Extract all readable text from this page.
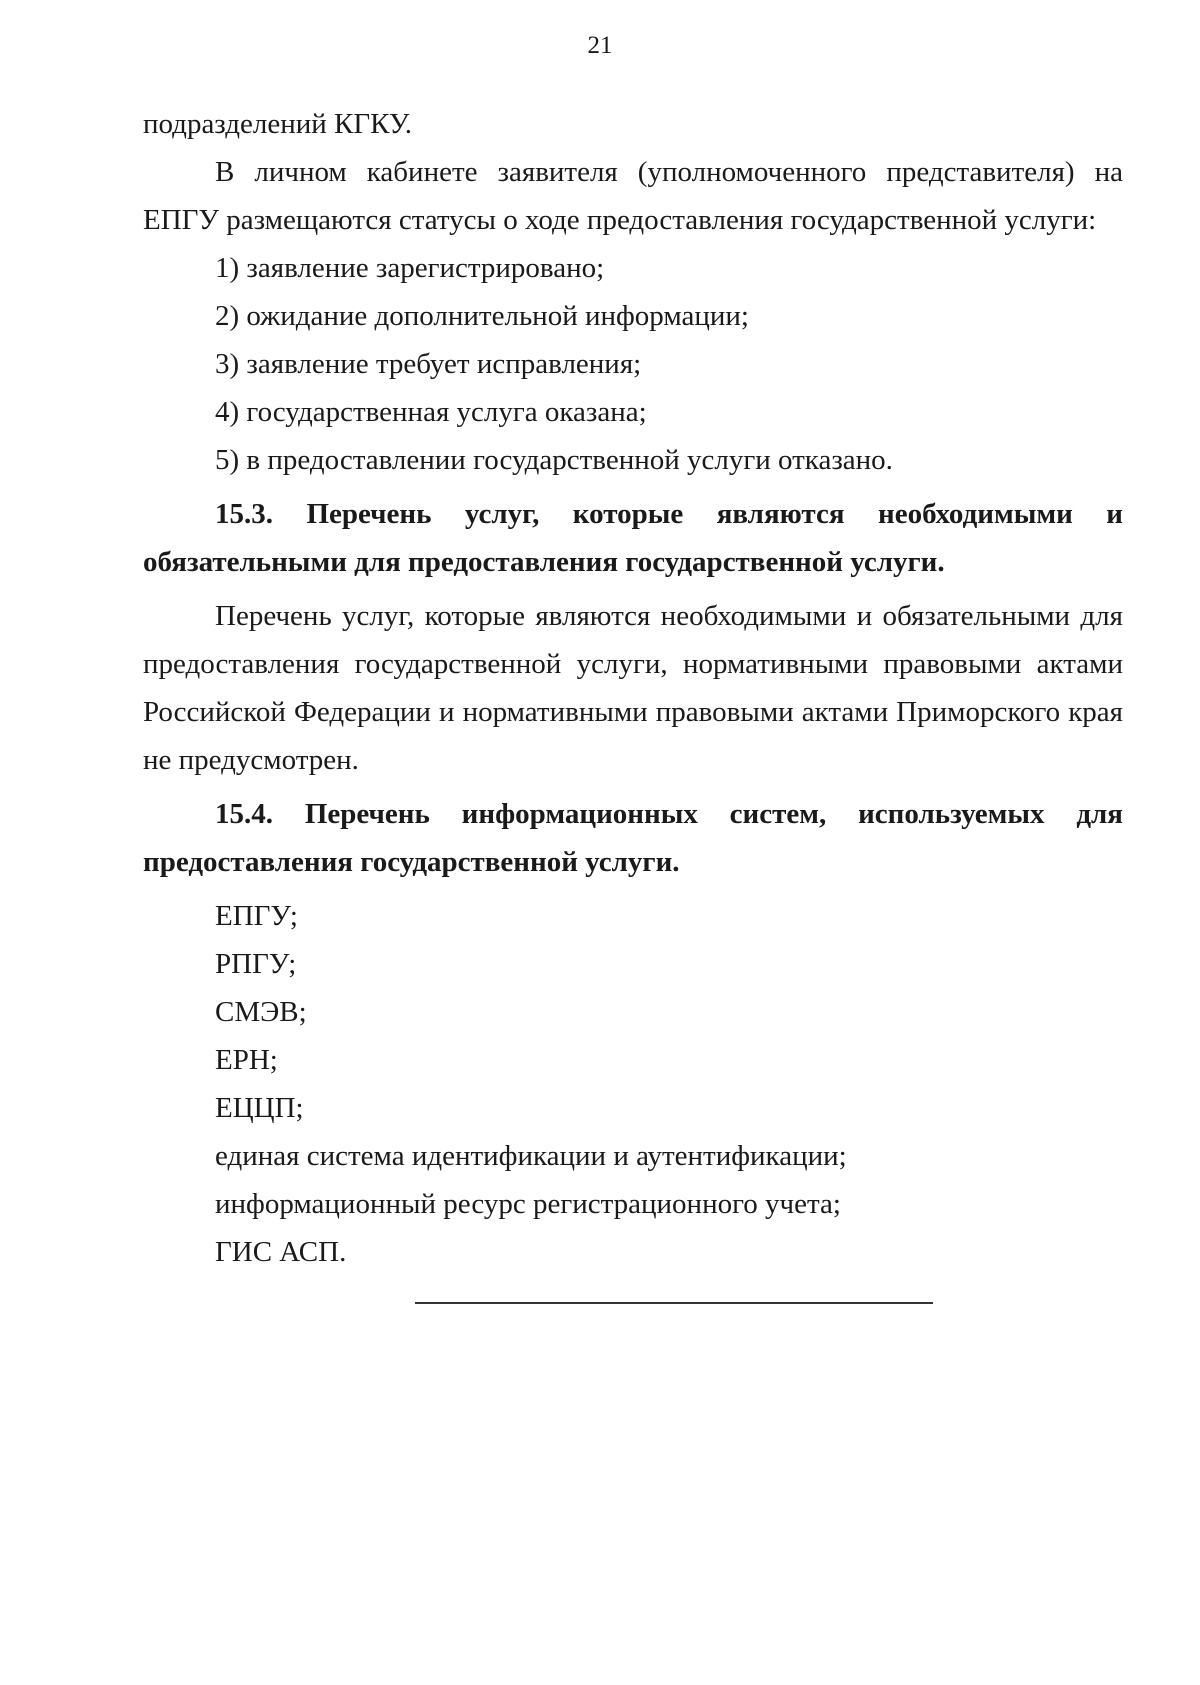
21

подразделений КГКУ.

В личном кабинете заявителя (уполномоченного представителя) на ЕПГУ размещаются статусы о ходе предоставления государственной услуги:

1) заявление зарегистрировано;

2) ожидание дополнительной информации;

3) заявление требует исправления;

4) государственная услуга оказана;

5) в предоставлении государственной услуги отказано.

15.3. Перечень услуг, которые являются необходимыми и обязательными для предоставления государственной услуги.

Перечень услуг, которые являются необходимыми и обязательными для предоставления государственной услуги, нормативными правовыми актами Российской Федерации и нормативными правовыми актами Приморского края не предусмотрен.

15.4. Перечень информационных систем, используемых для предоставления государственной услуги.

ЕПГУ;

РПГУ;

СМЭВ;

ЕРН;

ЕЦЦП;

единая система идентификации и аутентификации;

информационный ресурс регистрационного учета;

ГИС АСП.
